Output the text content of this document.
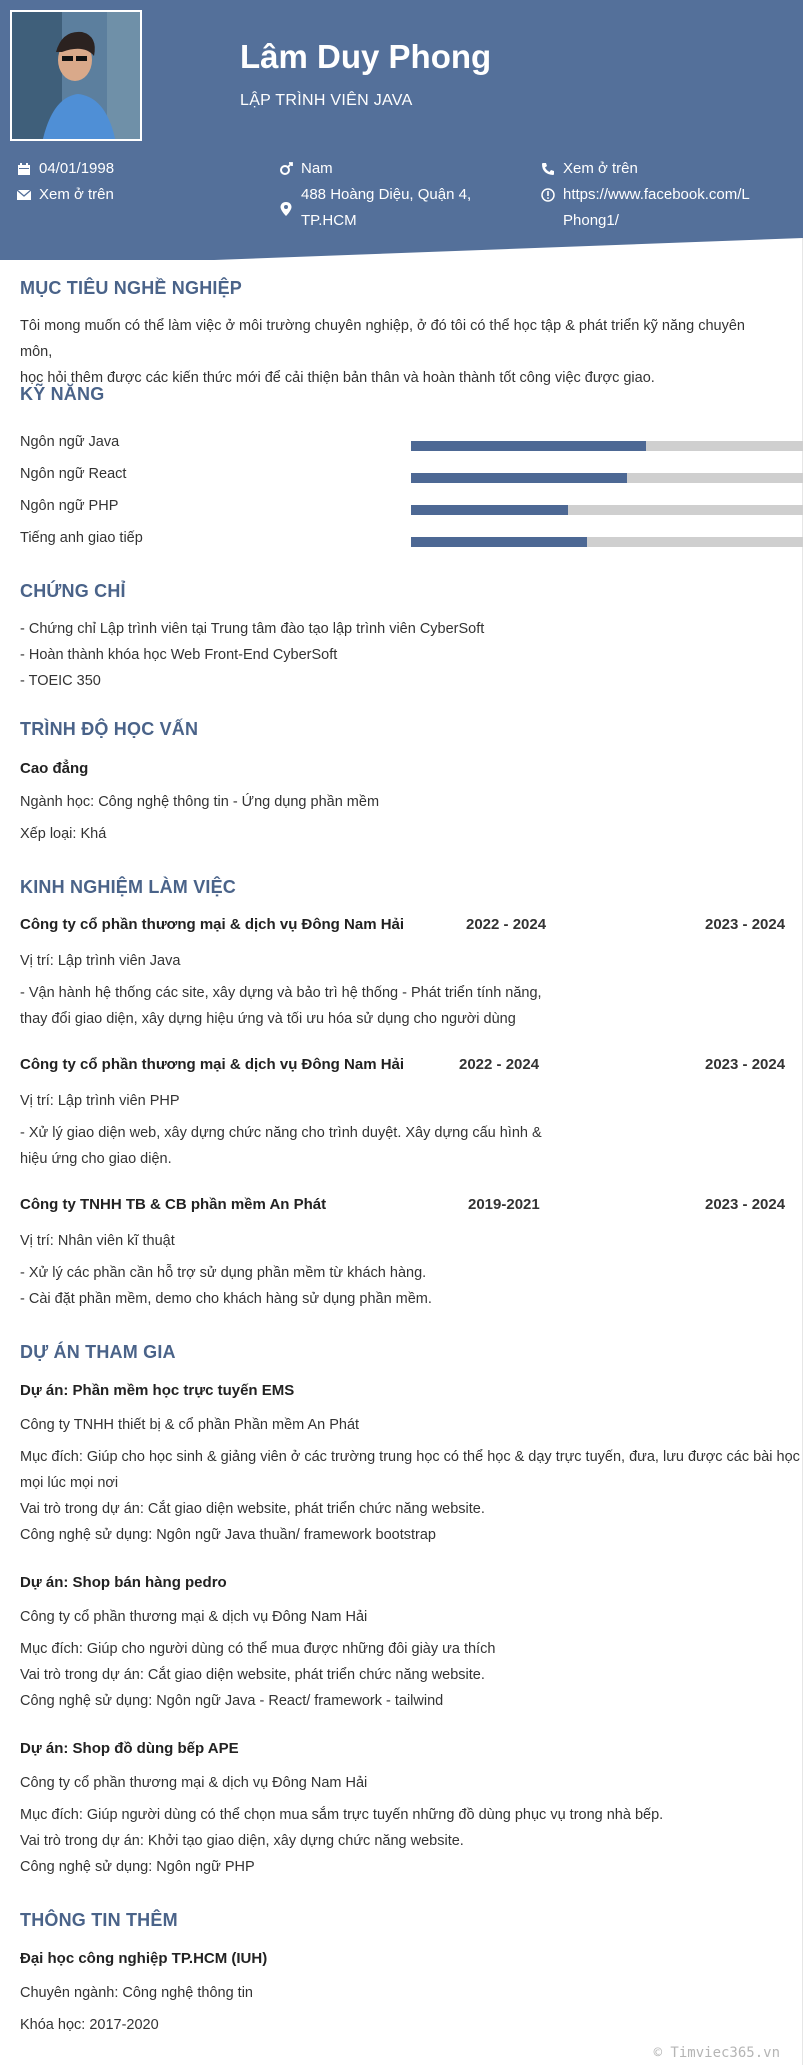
Lâm Duy Phong
LẬP TRÌNH VIÊN JAVA
04/01/1998
Xem ở trên
Nam
488 Hoàng Diệu, Quận 4,
TP.HCM
Xem ở trên
https://www.facebook.com/L
Phong1/
MỤC TIÊU NGHỀ NGHIỆP
Tôi mong muốn có thể làm việc ở môi trường chuyên nghiệp, ở đó tôi có thể học tập & phát triển kỹ năng chuyên môn,
học hỏi thêm được các kiến thức mới để cải thiện bản thân và hoàn thành tốt công việc được giao.
KỸ NĂNG
Ngôn ngữ Java
Ngôn ngữ React
Ngôn ngữ PHP
Tiếng anh giao tiếp
CHỨNG CHỈ
- Chứng chỉ Lập trình viên tại Trung tâm đào tạo lập trình viên CyberSoft
- Hoàn thành khóa học Web Front-End CyberSoft
- TOEIC 350
TRÌNH ĐỘ HỌC VẤN
Cao đẳng
Ngành học: Công nghệ thông tin - Ứng dụng phần mềm
Xếp loại: Khá
KINH NGHIỆM LÀM VIỆC
Công ty cổ phần thương mại & dịch vụ Đông Nam Hải	2022 - 2024	2023 - 2024
Vị trí: Lập trình viên Java
- Vận hành hệ thống các site, xây dựng và bảo trì hệ thống - Phát triển tính năng,
thay đổi giao diện, xây dựng hiệu ứng và tối ưu hóa sử dụng cho người dùng
Công ty cổ phần thương mại & dịch vụ Đông Nam Hải	2022 - 2024	2023 - 2024
Vị trí: Lập trình viên PHP
- Xử lý giao diện web, xây dựng chức năng cho trình duyệt. Xây dựng cấu hình &
hiệu ứng cho giao diện.
Công ty TNHH TB & CB phần mềm An Phát	2019-2021	2023 - 2024
Vị trí: Nhân viên kĩ thuật
- Xử lý các phần cần hỗ trợ sử dụng phần mềm từ khách hàng.
- Cài đặt phần mềm, demo cho khách hàng sử dụng phần mềm.
DỰ ÁN THAM GIA
Dự án: Phần mềm học trực tuyến EMS
Công ty TNHH thiết bị & cổ phần Phần mềm An Phát
Mục đích: Giúp cho học sinh & giảng viên ở các trường trung học có thể học & dạy trực tuyến, đưa, lưu được các bài học
mọi lúc mọi nơi
Vai trò trong dự án: Cắt giao diện website, phát triển chức năng website.
Công nghệ sử dụng: Ngôn ngữ Java thuần/ framework bootstrap
Dự án: Shop bán hàng pedro
Công ty cổ phần thương mại & dịch vụ Đông Nam Hải
Mục đích: Giúp cho người dùng có thể mua được những đôi giày ưa thích
Vai trò trong dự án: Cắt giao diện website, phát triển chức năng website.
Công nghệ sử dụng: Ngôn ngữ Java - React/ framework - tailwind
Dự án: Shop đồ dùng bếp APE
Công ty cổ phần thương mại & dịch vụ Đông Nam Hải
Mục đích: Giúp người dùng có thể chọn mua sắm trực tuyến những đồ dùng phục vụ trong nhà bếp.
Vai trò trong dự án: Khởi tạo giao diện, xây dựng chức năng website.
Công nghệ sử dụng: Ngôn ngữ PHP
THÔNG TIN THÊM
Đại học công nghiệp TP.HCM (IUH)
Chuyên ngành: Công nghệ thông tin
Khóa học: 2017-2020
© Timviec365.vn
